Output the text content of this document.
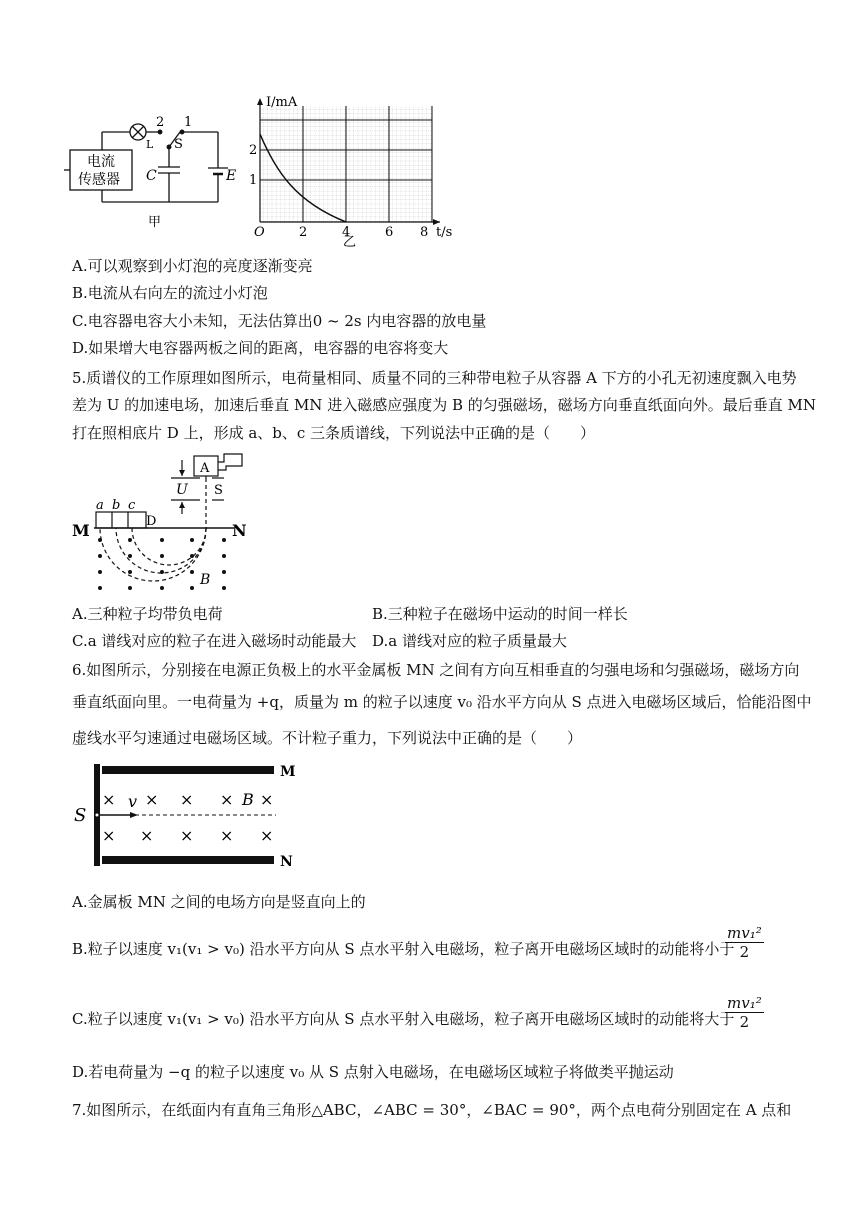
L
2 1
S
C	E
电流
传感器
甲
I/mA
2
1
O	2	4	6 8 t/s
乙
A.可以观察到小灯泡的亮度逐渐变亮
B.电流从右向左的流过小灯泡
C.电容器电容大小未知，无法估算出0 ~ 2s 内电容器的放电量
D.如果增大电容器两板之间的距离，电容器的电容将变大
5.质谱仪的工作原理如图所示，电荷量相同、质量不同的三种带电粒子从容器 A 下方的小孔无初速度飘入电势
差为 U 的加速电场，加速后垂直 MN 进入磁感应强度为 B 的匀强磁场，磁场方向垂直纸面向外。最后垂直 MN
打在照相底片 D 上，形成 a、b、c 三条质谱线，下列说法中正确的是（　　）
A
U S
a b c
D
M	N
B
A.三种粒子均带负电荷	B.三种粒子在磁场中运动的时间一样长
C.a 谱线对应的粒子在进入磁场时动能最大 D.a 谱线对应的粒子质量最大
6.如图所示，分别接在电源正负极上的水平金属板 MN 之间有方向互相垂直的匀强电场和匀强磁场，磁场方向
垂直纸面向里。一电荷量为 +q，质量为 m 的粒子以速度 v₀ 沿水平方向从 S 点进入电磁场区域后，恰能沿图中
虚线水平匀速通过电磁场区域。不计粒子重力，下列说法中正确的是（　　）
× × × × ×
× × × × ×
M
N
S
v	B
A.金属板 MN 之间的电场方向是竖直向上的
B.粒子以速度 v₁(v₁ > v₀) 沿水平方向从 S 点水平射入电磁场，粒子离开电磁场区域时的动能将小于
$\frac{\text{mv₁²}}{2}$
C.粒子以速度 v₁(v₁ > v₀) 沿水平方向从 S 点水平射入电磁场，粒子离开电磁场区域时的动能将大于
$\frac{\text{mv₁²}}{2}$
D.若电荷量为 −q 的粒子以速度 v₀ 从 S 点射入电磁场，在电磁场区域粒子将做类平抛运动
7.如图所示，在纸面内有直角三角形△ABC，∠ABC = 30°，∠BAC = 90°，两个点电荷分别固定在 A 点和
